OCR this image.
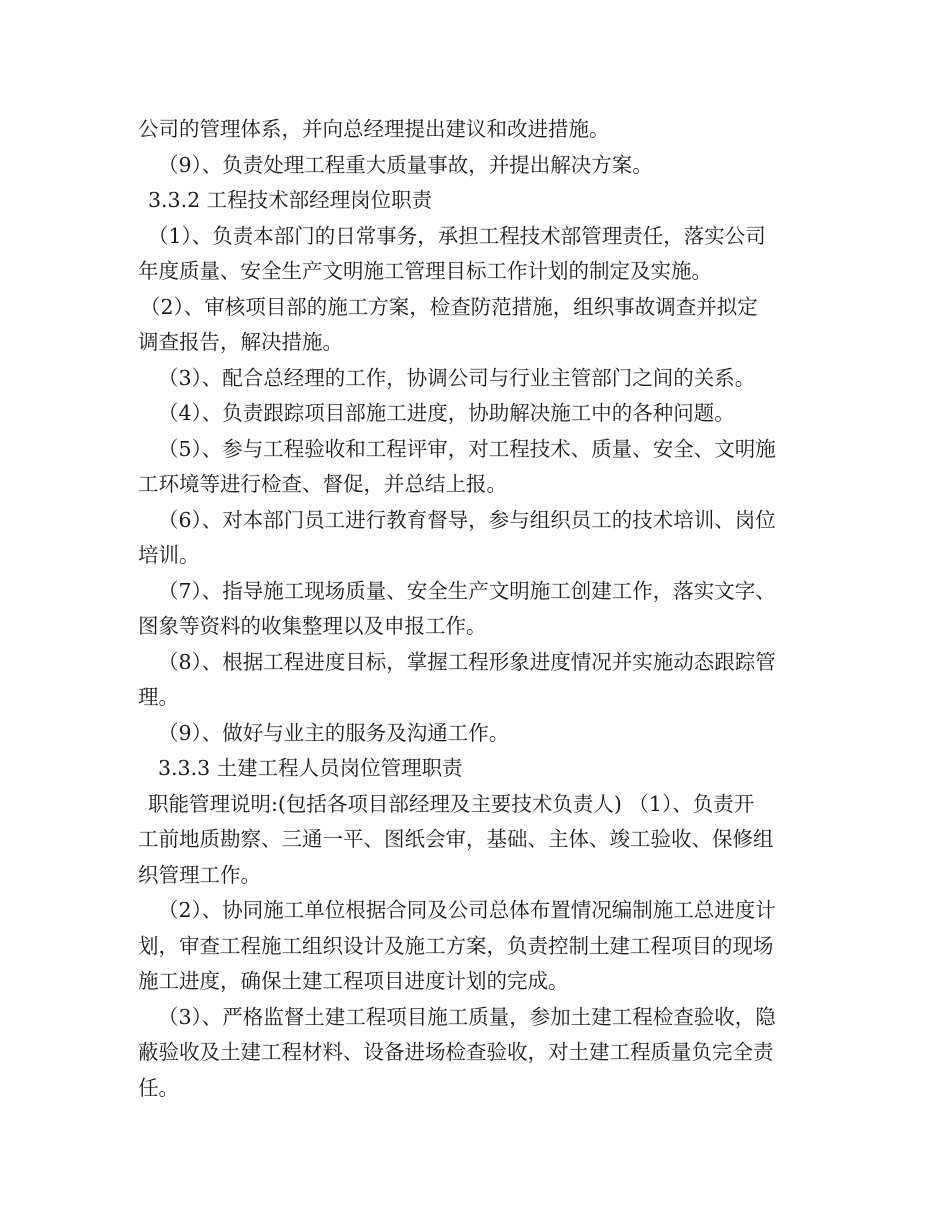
公司的管理体系，并向总经理提出建议和改进措施。
（9）、负责处理工程重大质量事故，并提出解决方案。
3.3.2 工程技术部经理岗位职责
（1）、负责本部门的日常事务，承担工程技术部管理责任，落实公司
年度质量、安全生产文明施工管理目标工作计划的制定及实施。
（2）、审核项目部的施工方案，检查防范措施，组织事故调查并拟定
调查报告，解决措施。
（3）、配合总经理的工作，协调公司与行业主管部门之间的关系。
（4）、负责跟踪项目部施工进度，协助解决施工中的各种问题。
（5）、参与工程验收和工程评审，对工程技术、质量、安全、文明施
工环境等进行检查、督促，并总结上报。
（6）、对本部门员工进行教育督导，参与组织员工的技术培训、岗位
培训。
（7）、指导施工现场质量、安全生产文明施工创建工作，落实文字、
图象等资料的收集整理以及申报工作。
（8）、根据工程进度目标，掌握工程形象进度情况并实施动态跟踪管
理。
（9）、做好与业主的服务及沟通工作。
3.3.3 土建工程人员岗位管理职责
职能管理说明:(包括各项目部经理及主要技术负责人) （1）、负责开
工前地质勘察、三通一平、图纸会审，基础、主体、竣工验收、保修组
织管理工作。
（2）、协同施工单位根据合同及公司总体布置情况编制施工总进度计
划，审查工程施工组织设计及施工方案，负责控制土建工程项目的现场
施工进度，确保土建工程项目进度计划的完成。
（3）、严格监督土建工程项目施工质量，参加土建工程检查验收，隐
蔽验收及土建工程材料、设备进场检查验收，对土建工程质量负完全责
任。
